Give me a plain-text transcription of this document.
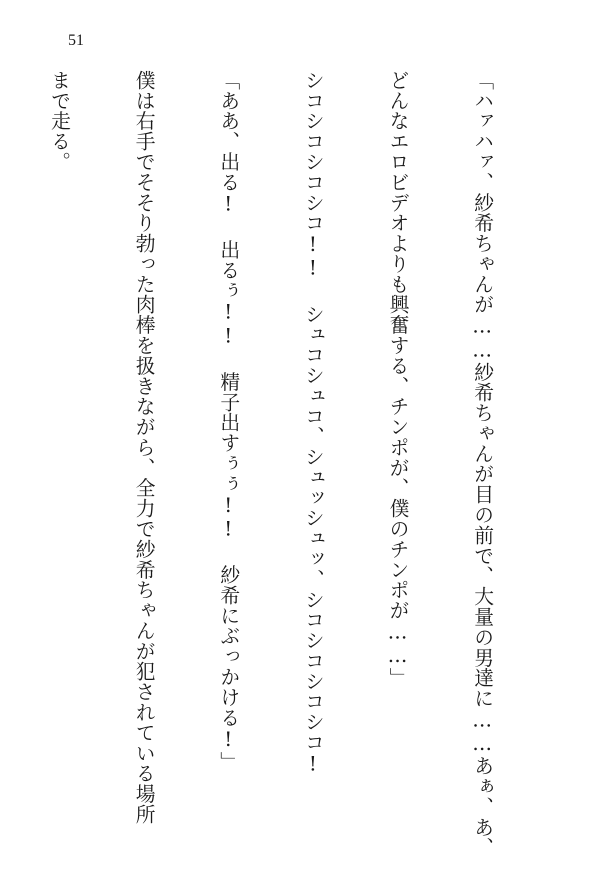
51

「ハァハァ、紗希ちゃんが……紗希ちゃんが目の前で、大量の男達に……あぁ、あ、

どんなエロビデオよりも興奮する、チンポが、僕のチンポが……」

シコシコシコシコ!! シュコシュコ、シュッシュッ、シコシコシコシコ!

「ああ、出る! 出るぅ!! 精子出すぅぅ!! 紗希にぶっかける!」

僕は右手でそそり勃った肉棒を扱きながら、全力で紗希ちゃんが犯されている場所

まで走る。
